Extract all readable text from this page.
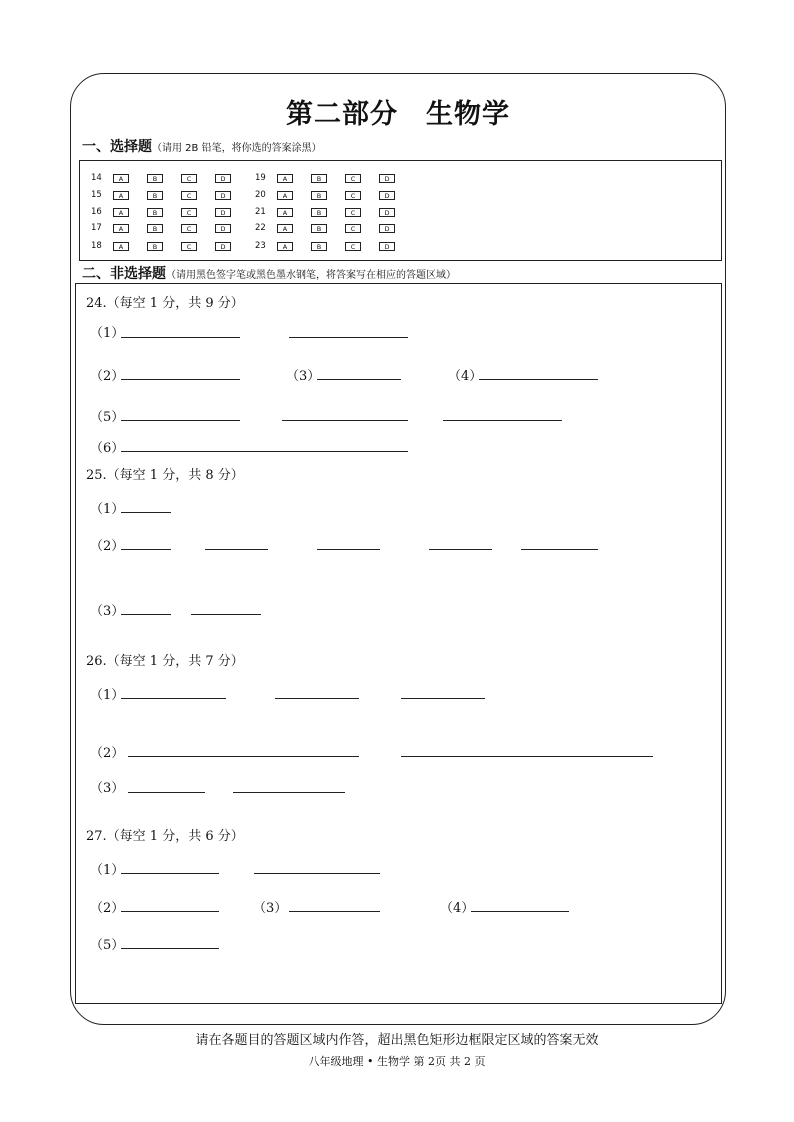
第二部分　生物学
一、选择题（请用 2B 铅笔，将你选的答案涂黑）
14	A	B	C	D
15	A	B	C	D
16	A	B	C	D
17	A	B	C	D
18	A	B	C	D
19	A	B	C	D
20	A	B	C	D
21	A	B	C	D
22	A	B	C	D
23	A	B	C	D
二、非选择题（请用黑色签字笔或黑色墨水钢笔，将答案写在相应的答题区域）
24.（每空 1 分，共 9 分）
（1）
（2）	（3）	（4）
（5）
（6）
25.（每空 1 分，共 8 分）
（1）
（2）
（3）
26.（每空 1 分，共 7 分）
（1）
（2）
（3）
27.（每空 1 分，共 6 分）
（1）
（2）	（3）	（4）
（5）
请在各题目的答题区域内作答，超出黑色矩形边框限定区域的答案无效
八年级地理 • 生物学 第 2页 共 2 页
